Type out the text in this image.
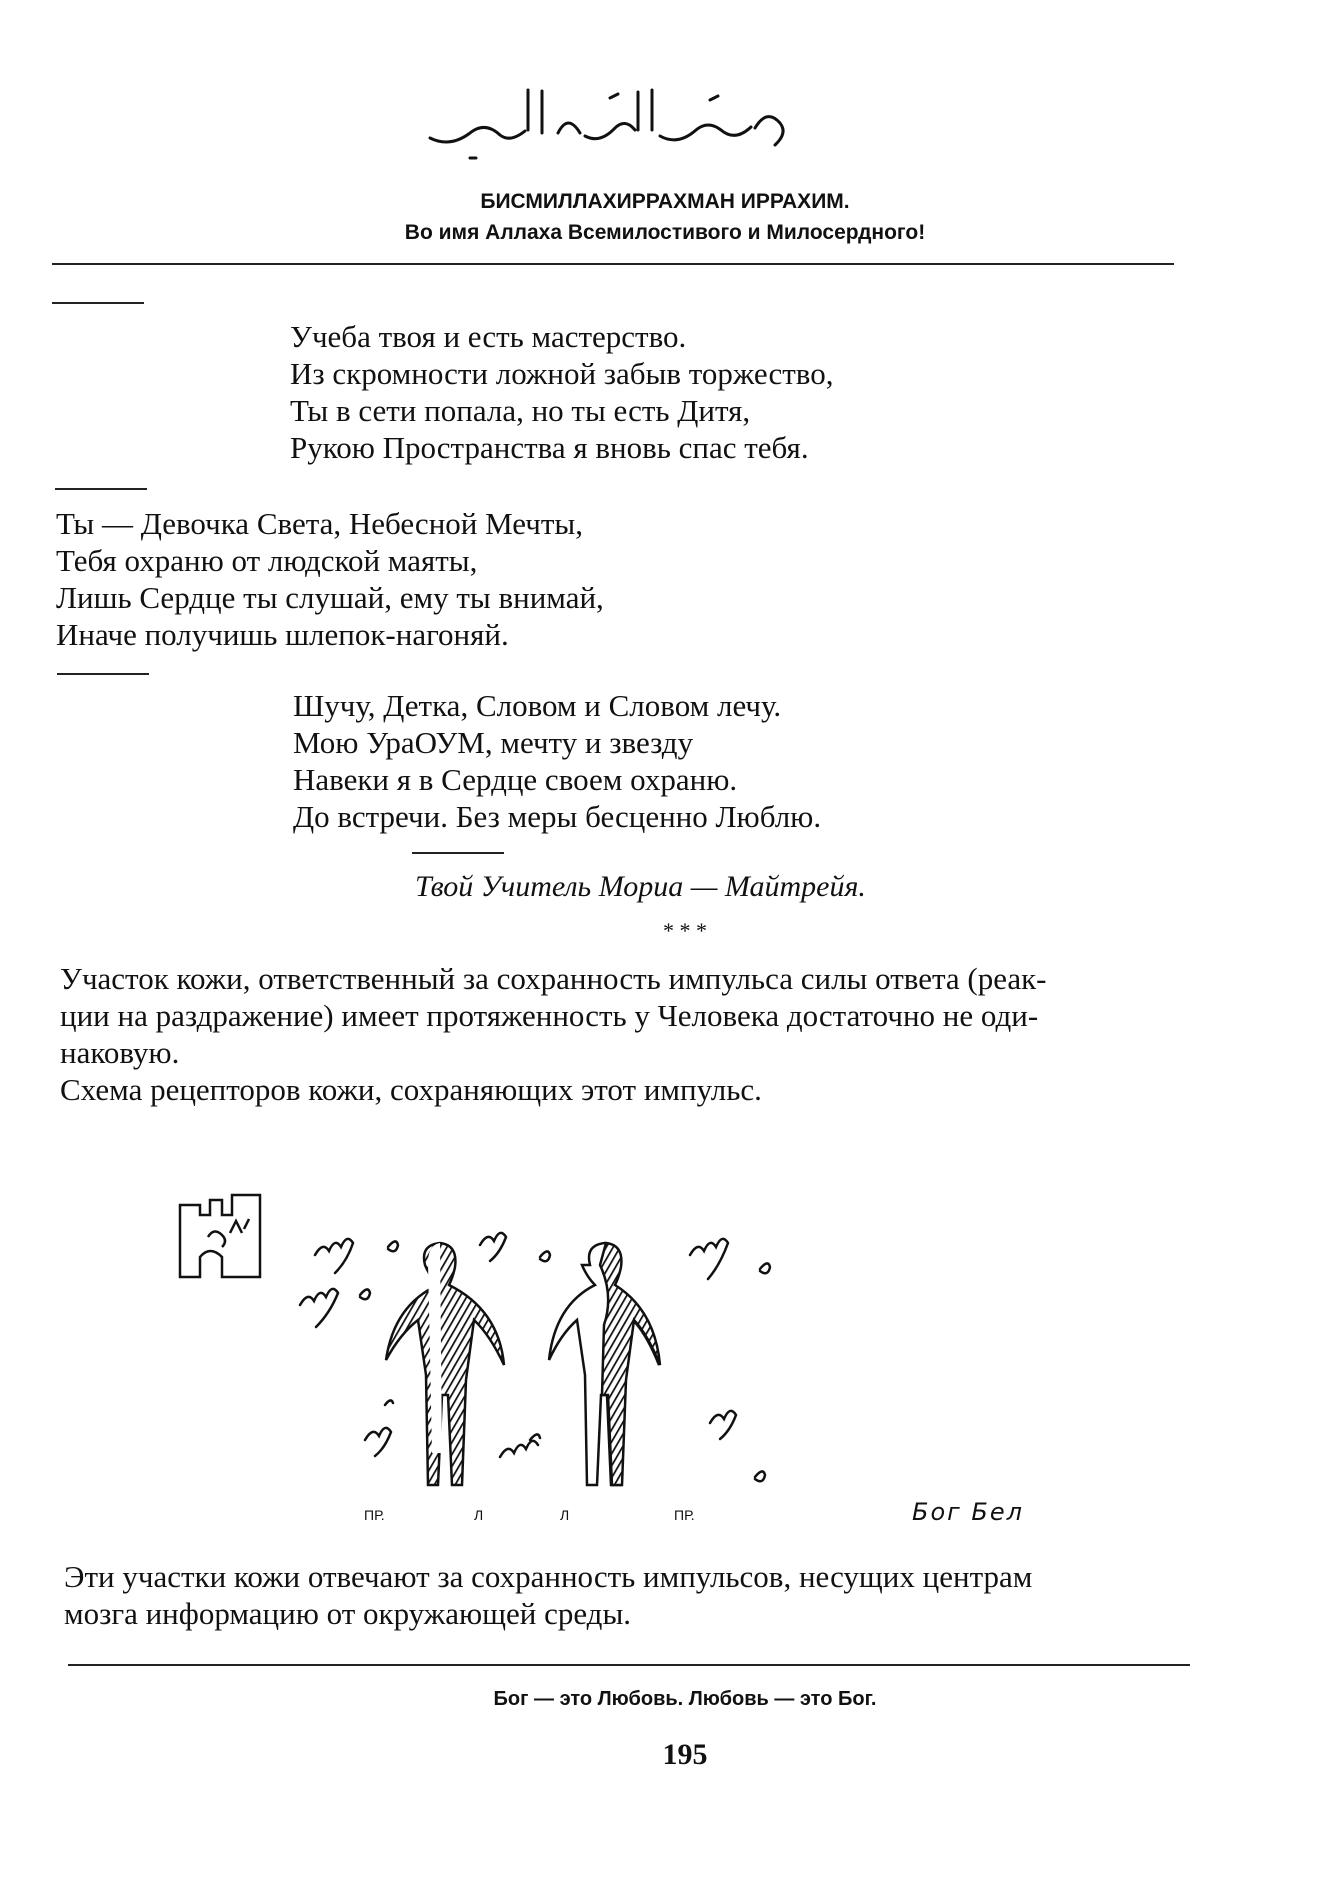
БИСМИЛЛАХИРРАХМАН ИРРАХИМ.
Во имя Аллаха Всемилостивого и Милосердного!
Учеба твоя и есть мастерство.
Из скромности ложной забыв торжество,
Ты в сети попала, но ты есть Дитя,
Рукою Пространства я вновь спас тебя.
Ты — Девочка Света, Небесной Мечты,
Тебя охраню от людской маяты,
Лишь Сердце ты слушай, ему ты внимай,
Иначе получишь шлепок-нагоняй.
Шучу, Детка, Словом и Словом лечу.
Мою УраОУМ, мечту и звезду
Навеки я в Сердце своем охраню.
До встречи. Без меры бесценно Люблю.
Твой Учитель Мориа — Майтрейя.
* * *
Участок кожи, ответственный за сохранность импульса силы ответа (реак-
ции на раздражение) имеет протяженность у Человека достаточно не оди-
наковую.
Схема рецепторов кожи, сохраняющих этот импульс.
ПР.	Л	Л	ПР.	Бог Бел
Эти участки кожи отвечают за сохранность импульсов, несущих центрам
мозга информацию от окружающей среды.
Бог — это Любовь. Любовь — это Бог.
195
